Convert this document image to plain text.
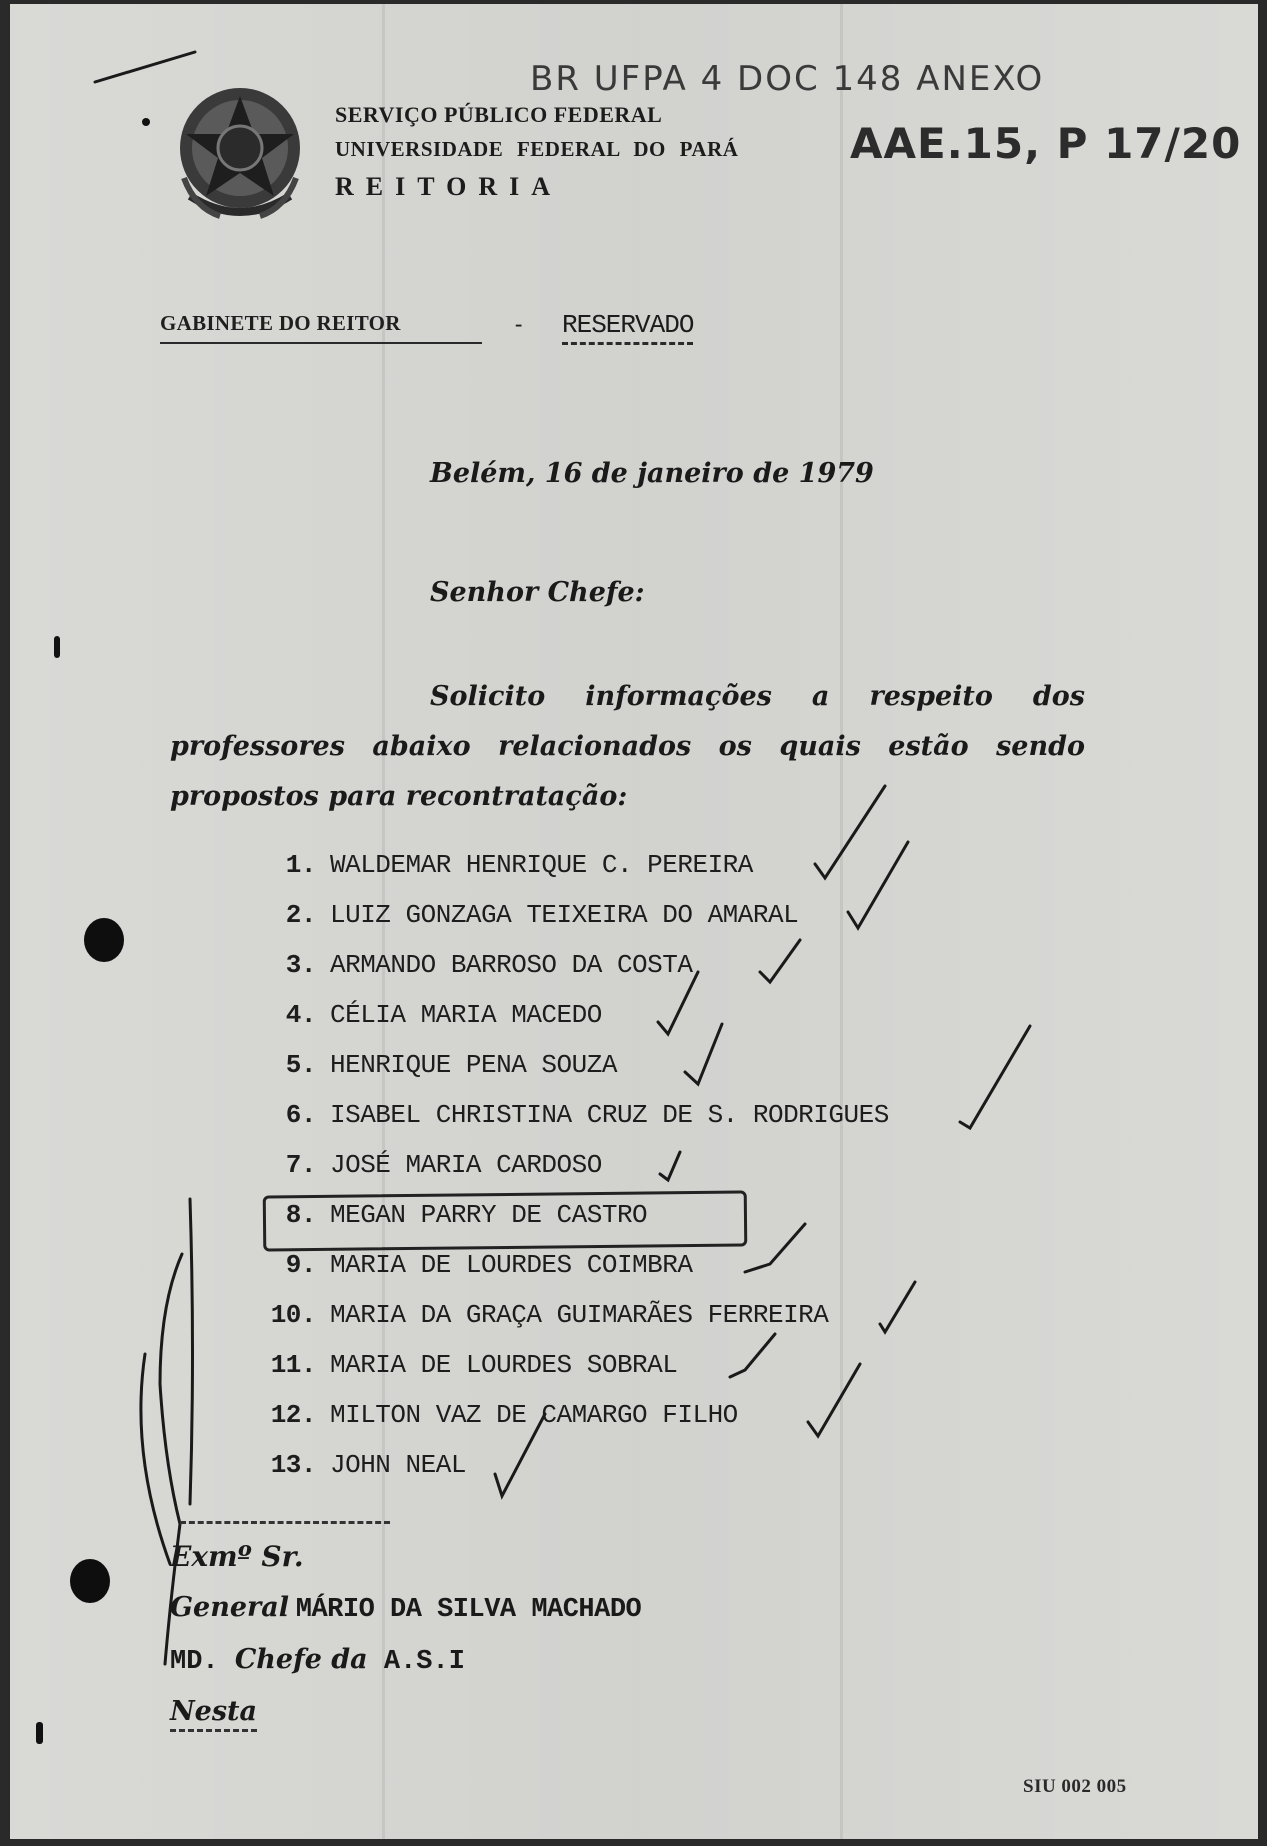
SERVIÇO PÚBLICO FEDERAL
UNIVERSIDADE FEDERAL DO PARÁ
REITORIA
BR UFPA 4 DOC 148 ANEXO
AAE.15, P 17/20
GABINETE DO REITOR	- RESERVADO
Belém, 16 de janeiro de 1979
Senhor Chefe:
Solicito informações a respeito dos professores abaixo relacionados os quais estão sendo propostos para recontratação:
1. WALDEMAR HENRIQUE C. PEREIRA
2. LUIZ GONZAGA TEIXEIRA DO AMARAL
3. ARMANDO BARROSO DA COSTA
4. CÉLIA MARIA MACEDO
5. HENRIQUE PENA SOUZA
6. ISABEL CHRISTINA CRUZ DE S. RODRIGUES
7. JOSÉ MARIA CARDOSO
8. MEGAN PARRY DE CASTRO
9. MARIA DE LOURDES COIMBRA
10. MARIA DA GRAÇA GUIMARÃES FERREIRA
11. MARIA DE LOURDES SOBRAL
12. MILTON VAZ DE CAMARGO FILHO
13. JOHN NEAL
Exmº Sr.
General MÁRIO DA SILVA MACHADO
MD. Chefe da A.S.I
Nesta
SIU 002 005
